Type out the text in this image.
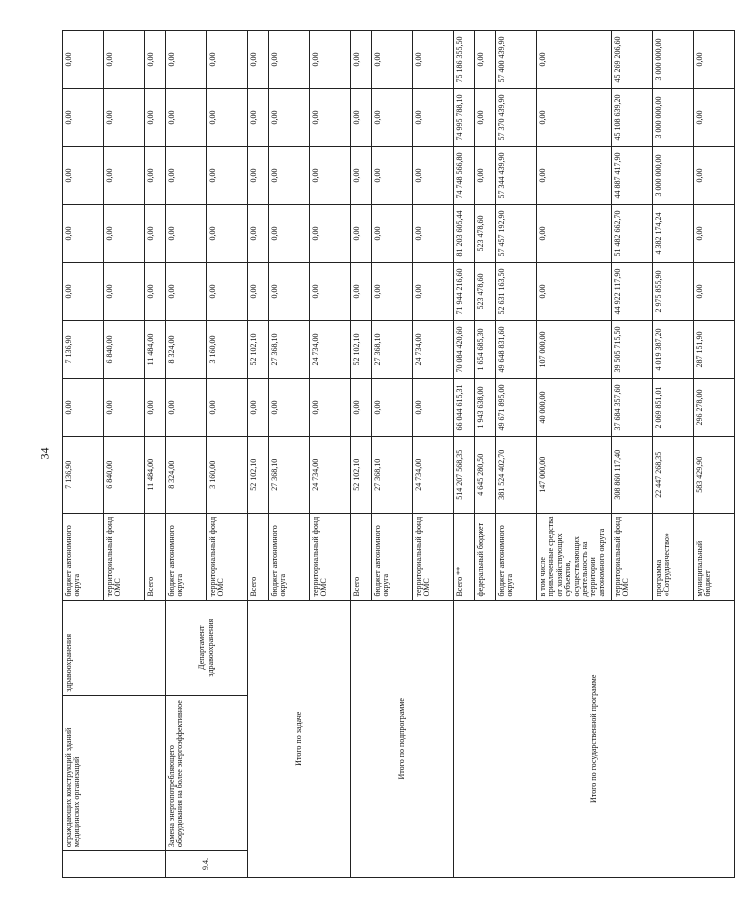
34
	ограждающих конструкций зданий медицинских организаций	здравоохранения	бюджет автономного округа	7 136,90	0,00	7 136,90	0,00	0,00	0,00	0,00	0,00
			территориальный фонд ОМС	6 840,00	0,00	6 840,00	0,00	0,00	0,00	0,00	0,00
			Всего	11 484,00	0,00	11 484,00	0,00	0,00	0,00	0,00	0,00
9.4.	Замена энергопотребляющего оборудования на более энергоэффективное	Департамент здравоохранения	бюджет автономного округа	8 324,00	0,00	8 324,00	0,00	0,00	0,00	0,00	0,00
			территориальный фонд ОМС	3 160,00	0,00	3 160,00	0,00	0,00	0,00	0,00	0,00
Итого по задаче			Всего	52 102,10	0,00	52 102,10	0,00	0,00	0,00	0,00	0,00
			бюджет автономного округа	27 368,10	0,00	27 368,10	0,00	0,00	0,00	0,00	0,00
			территориальный фонд ОМС	24 734,00	0,00	24 734,00	0,00	0,00	0,00	0,00	0,00
Итого по подпрограмме			Всего	52 102,10	0,00	52 102,10	0,00	0,00	0,00	0,00	0,00
			бюджет автономного округа	27 368,10	0,00	27 368,10	0,00	0,00	0,00	0,00	0,00
			территориальный фонд ОМС	24 734,00	0,00	24 734,00	0,00	0,00	0,00	0,00	0,00
Итого по государственной программе			Всего **	514 207 568,35	66 044 615,31	70 084 420,60	71 944 216,60	81 203 605,44	74 748 566,80	74 995 788,10	75 186 355,50
			федеральный бюджет	4 645 280,50	1 943 638,00	1 654 685,30	523 478,60	523 478,60	0,00	0,00	0,00
			бюджет автономного округа	381 524 402,70	49 671 895,00	49 648 831,60	52 631 163,50	57 457 192,90	57 344 439,90	57 370 439,90	57 400 439,90
			в том числе привлеченные средства от хозяйствующих субъектов, осуществляющих деятельность на территории автономного округа	147 000,00	40 000,00	107 000,00	0,00	0,00	0,00	0,00	0,00
			территориальный фонд ОМС	308 860 117,40	37 684 357,60	39 505 715,50	44 922 117,90	51 482 662,70	44 887 417,90	45 108 639,20	45 269 206,60
			программа «Сотрудничество»	22 447 268,35	2 069 851,01	4 019 387,20	2 975 855,90	4 382 174,24	3 000 000,00	3 000 000,00	3 000 000,00
			муниципальный бюджет	583 429,90	296 278,00	287 151,90	0,00	0,00	0,00	0,00	0,00
